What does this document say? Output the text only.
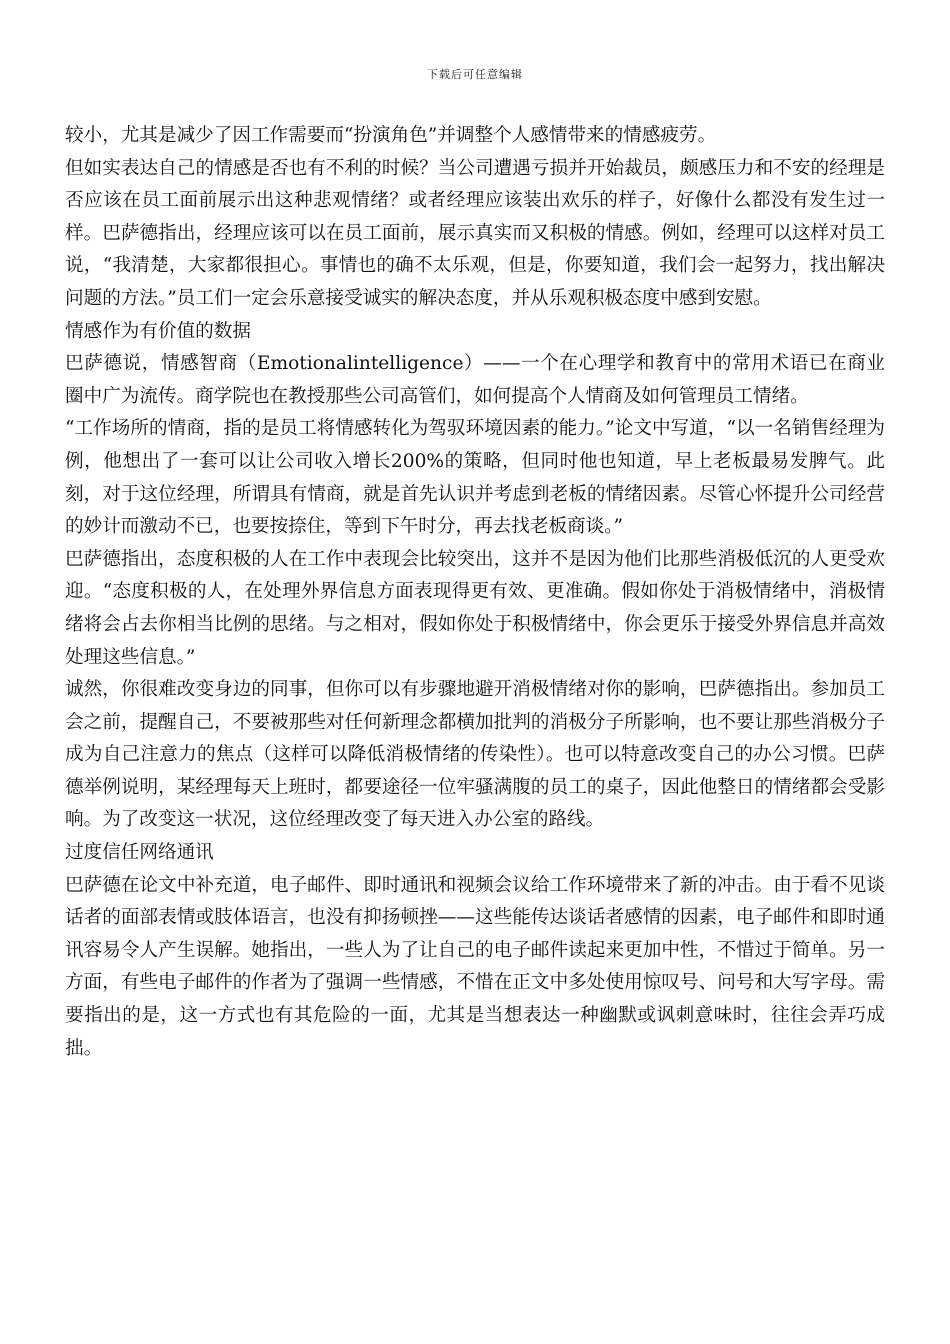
下载后可任意编辑

较小，尤其是减少了因工作需要而“扮演角色”并调整个人感情带来的情感疲劳。

但如实表达自己的情感是否也有不利的时候？当公司遭遇亏损并开始裁员，颇感压力和不安的经理是否应该在员工面前展示出这种悲观情绪？或者经理应该装出欢乐的样子，好像什么都没有发生过一样。巴萨德指出，经理应该可以在员工面前，展示真实而又积极的情感。例如，经理可以这样对员工说，“我清楚，大家都很担心。事情也的确不太乐观，但是，你要知道，我们会一起努力，找出解决问题的方法。”员工们一定会乐意接受诚实的解决态度，并从乐观积极态度中感到安慰。

情感作为有价值的数据

巴萨德说，情感智商（Emotionalintelligence）——一个在心理学和教育中的常用术语已在商业圈中广为流传。商学院也在教授那些公司高管们，如何提高个人情商及如何管理员工情绪。

“工作场所的情商，指的是员工将情感转化为驾驭环境因素的能力。”论文中写道，“以一名销售经理为例，他想出了一套可以让公司收入增长200%的策略，但同时他也知道，早上老板最易发脾气。此刻，对于这位经理，所谓具有情商，就是首先认识并考虑到老板的情绪因素。尽管心怀提升公司经营的妙计而激动不已，也要按捺住，等到下午时分，再去找老板商谈。”

巴萨德指出，态度积极的人在工作中表现会比较突出，这并不是因为他们比那些消极低沉的人更受欢迎。“态度积极的人，在处理外界信息方面表现得更有效、更准确。假如你处于消极情绪中，消极情绪将会占去你相当比例的思绪。与之相对，假如你处于积极情绪中，你会更乐于接受外界信息并高效处理这些信息。”

诚然，你很难改变身边的同事，但你可以有步骤地避开消极情绪对你的影响，巴萨德指出。参加员工会之前，提醒自己，不要被那些对任何新理念都横加批判的消极分子所影响，也不要让那些消极分子成为自己注意力的焦点（这样可以降低消极情绪的传染性）。也可以特意改变自己的办公习惯。巴萨德举例说明，某经理每天上班时，都要途径一位牢骚满腹的员工的桌子，因此他整日的情绪都会受影响。为了改变这一状况，这位经理改变了每天进入办公室的路线。

过度信任网络通讯

巴萨德在论文中补充道，电子邮件、即时通讯和视频会议给工作环境带来了新的冲击。由于看不见谈话者的面部表情或肢体语言，也没有抑扬顿挫——这些能传达谈话者感情的因素，电子邮件和即时通讯容易令人产生误解。她指出，一些人为了让自己的电子邮件读起来更加中性，不惜过于简单。另一方面，有些电子邮件的作者为了强调一些情感，不惜在正文中多处使用惊叹号、问号和大写字母。需要指出的是，这一方式也有其危险的一面，尤其是当想表达一种幽默或讽刺意味时，往往会弄巧成拙。
